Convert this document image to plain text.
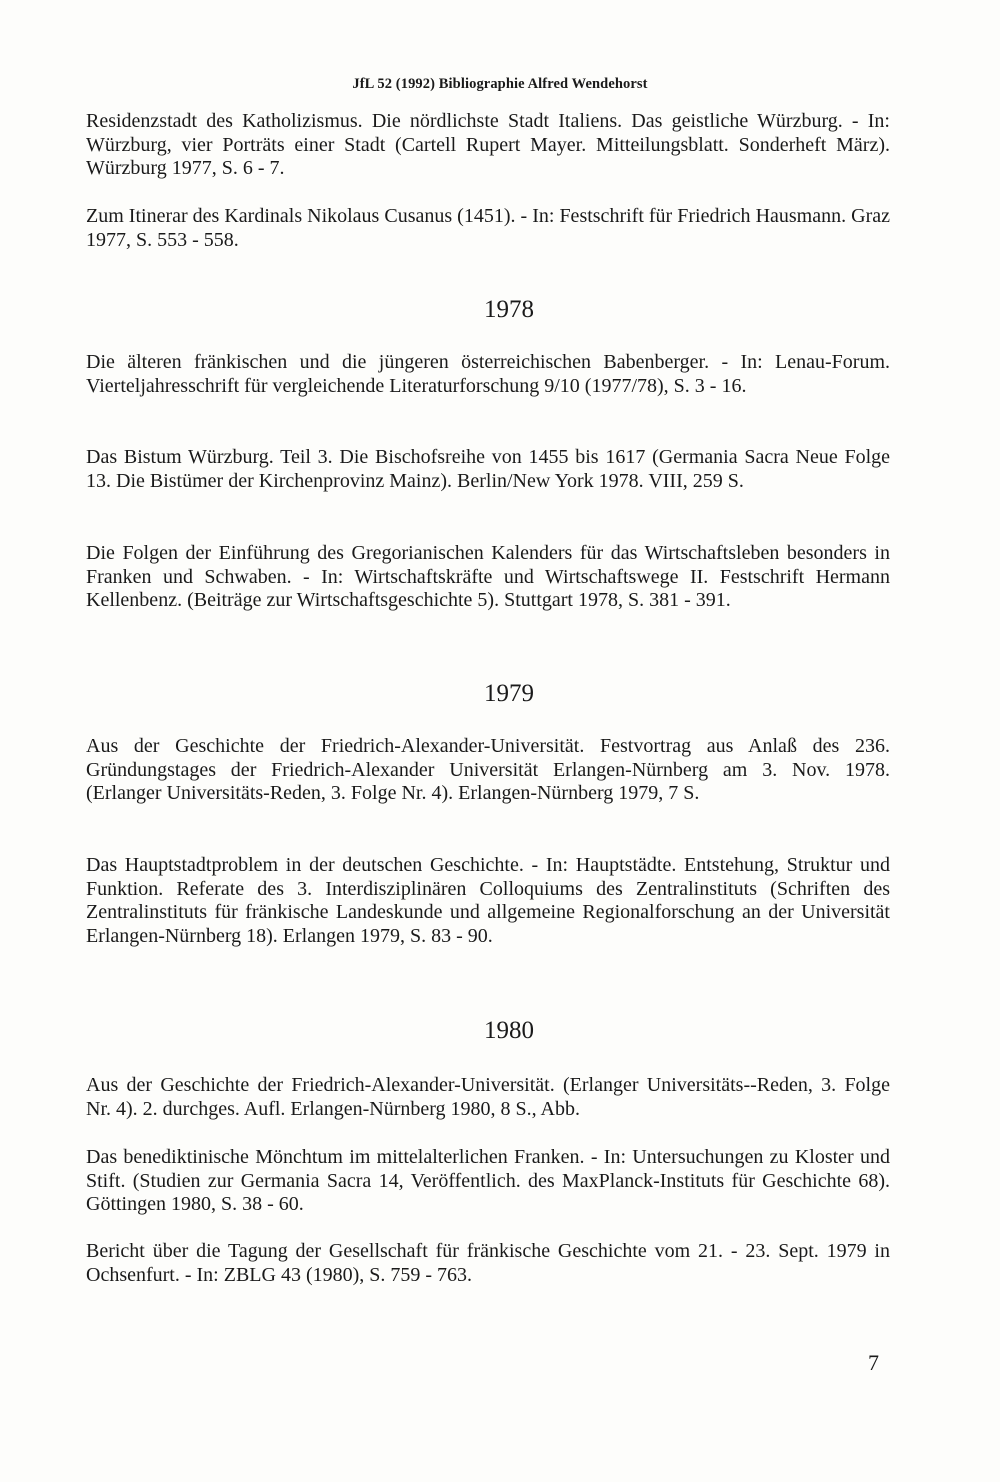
JfL 52 (1992) Bibliographie Alfred Wendehorst

Residenzstadt des Katholizismus. Die nördlichste Stadt Italiens. Das geistliche Würzburg. - In: Würzburg, vier Porträts einer Stadt (Cartell Rupert Mayer. Mitteilungsblatt. Sonderheft März). Würzburg 1977, S. 6 - 7.

Zum Itinerar des Kardinals Nikolaus Cusanus (1451). - In: Festschrift für Friedrich Hausmann. Graz 1977, S. 553 - 558.

1978

Die älteren fränkischen und die jüngeren österreichischen Babenberger. - In: Lenau-Forum. Vierteljahresschrift für vergleichende Literaturforschung 9/10 (1977/78), S. 3 - 16.

Das Bistum Würzburg. Teil 3. Die Bischofsreihe von 1455 bis 1617 (Germania Sacra Neue Folge 13. Die Bistümer der Kirchenprovinz Mainz). Berlin/New York 1978. VIII, 259 S.

Die Folgen der Einführung des Gregorianischen Kalenders für das Wirtschaftsleben besonders in Franken und Schwaben. - In: Wirtschaftskräfte und Wirtschaftswege II. Festschrift Hermann Kellenbenz. (Beiträge zur Wirtschaftsgeschichte 5). Stuttgart 1978, S. 381 - 391.

1979

Aus der Geschichte der Friedrich-Alexander-Universität. Festvortrag aus Anlaß des 236. Gründungstages der Friedrich-Alexander Universität Erlangen-Nürnberg am 3. Nov. 1978. (Erlanger Universitäts-Reden, 3. Folge Nr. 4). Erlangen-Nürnberg 1979, 7 S.

Das Hauptstadtproblem in der deutschen Geschichte. - In: Hauptstädte. Entstehung, Struktur und Funktion. Referate des 3. Interdisziplinären Colloquiums des Zentralinstituts (Schriften des Zentralinstituts für fränkische Landeskunde und allgemeine Regionalforschung an der Universität Erlangen-Nürnberg 18). Erlangen 1979, S. 83 - 90.

1980

Aus der Geschichte der Friedrich-Alexander-Universität. (Erlanger Universitäts--Reden, 3. Folge Nr. 4). 2. durchges. Aufl. Erlangen-Nürnberg 1980, 8 S., Abb.

Das benediktinische Mönchtum im mittelalterlichen Franken. - In: Untersuchungen zu Kloster und Stift. (Studien zur Germania Sacra 14, Veröffentlich. des MaxPlanck-Instituts für Geschichte 68). Göttingen 1980, S. 38 - 60.

Bericht über die Tagung der Gesellschaft für fränkische Geschichte vom 21. - 23. Sept. 1979 in Ochsenfurt. - In: ZBLG 43 (1980), S. 759 - 763.

7
